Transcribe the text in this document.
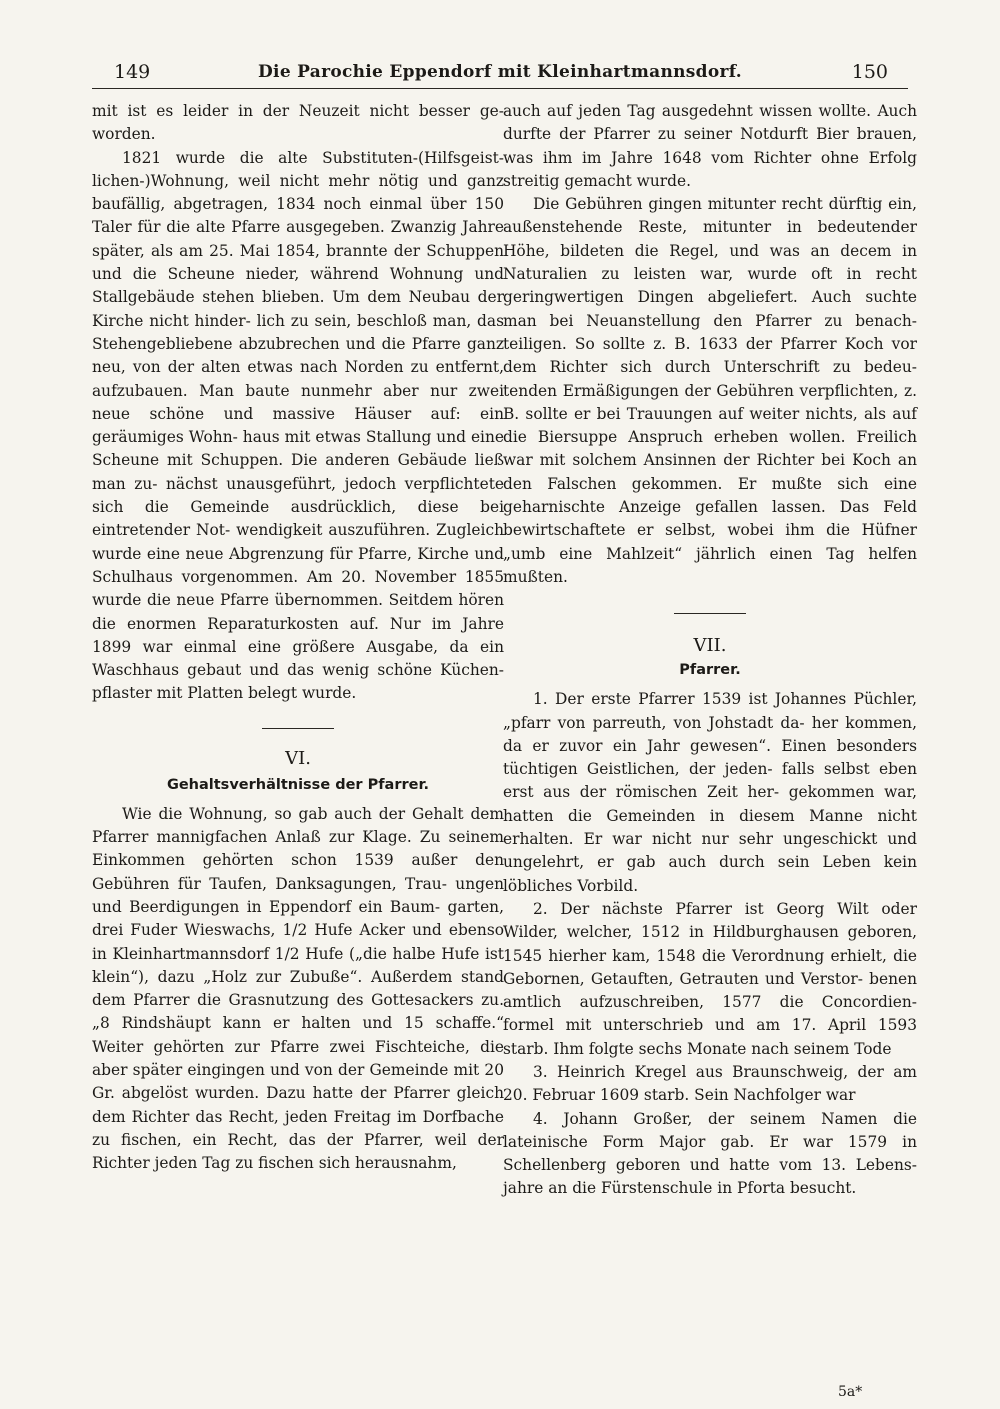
149	Die Parochie Eppendorf mit Kleinhartmannsdorf.	150

mit ist es leider in der Neuzeit nicht besser ge- worden.

1821 wurde die alte Substituten-(Hilfsgeist- lichen-)Wohnung, weil nicht mehr nötig und ganz baufällig, abgetragen, 1834 noch einmal über 150 Taler für die alte Pfarre ausgegeben. Zwanzig Jahre später, als am 25. Mai 1854, brannte der Schuppen und die Scheune nieder, während Wohnung und Stallgebäude stehen blieben. Um dem Neubau der Kirche nicht hinder- lich zu sein, beschloß man, das Stehengebliebene abzubrechen und die Pfarre ganz neu, von der alten etwas nach Norden zu entfernt, aufzubauen. Man baute nunmehr aber nur zwei neue schöne und massive Häuser auf: ein geräumiges Wohn- haus mit etwas Stallung und eine Scheune mit Schuppen. Die anderen Gebäude ließ man zu- nächst unausgeführt, jedoch verpflichtete sich die Gemeinde ausdrücklich, diese bei eintretender Not- wendigkeit auszuführen. Zugleich wurde eine neue Abgrenzung für Pfarre, Kirche und Schulhaus vorgenommen. Am 20. November 1855 wurde die neue Pfarre übernommen. Seitdem hören die enormen Reparaturkosten auf. Nur im Jahre 1899 war einmal eine größere Ausgabe, da ein Waschhaus gebaut und das wenig schöne Küchen- pflaster mit Platten belegt wurde.

VI.
Gehaltsverhältnisse der Pfarrer.

Wie die Wohnung, so gab auch der Gehalt dem Pfarrer mannigfachen Anlaß zur Klage. Zu seinem Einkommen gehörten schon 1539 außer den Gebühren für Taufen, Danksagungen, Trau- ungen und Beerdigungen in Eppendorf ein Baum- garten, drei Fuder Wieswachs, 1/2 Hufe Acker und ebenso in Kleinhartmannsdorf 1/2 Hufe („die halbe Hufe ist klein“), dazu „Holz zur Zubuße“. Außerdem stand dem Pfarrer die Grasnutzung des Gottesackers zu. „8 Rindshäupt kann er halten und 15 schaffe.“ Weiter gehörten zur Pfarre zwei Fischteiche, die aber später eingingen und von der Gemeinde mit 20 Gr. abgelöst wurden. Dazu hatte der Pfarrer gleich dem Richter das Recht, jeden Freitag im Dorfbache zu fischen, ein Recht, das der Pfarrer, weil der Richter jeden Tag zu fischen sich herausnahm,

auch auf jeden Tag ausgedehnt wissen wollte. Auch durfte der Pfarrer zu seiner Notdurft Bier brauen, was ihm im Jahre 1648 vom Richter ohne Erfolg streitig gemacht wurde.

Die Gebühren gingen mitunter recht dürftig ein, außenstehende Reste, mitunter in bedeutender Höhe, bildeten die Regel, und was an decem in Naturalien zu leisten war, wurde oft in recht geringwertigen Dingen abgeliefert. Auch suchte man bei Neuanstellung den Pfarrer zu benach- teiligen. So sollte z. B. 1633 der Pfarrer Koch vor dem Richter sich durch Unterschrift zu bedeu- tenden Ermäßigungen der Gebühren verpflichten, z. B. sollte er bei Trauungen auf weiter nichts, als auf die Biersuppe Anspruch erheben wollen. Freilich war mit solchem Ansinnen der Richter bei Koch an den Falschen gekommen. Er mußte sich eine geharnischte Anzeige gefallen lassen. Das Feld bewirtschaftete er selbst, wobei ihm die Hüfner „umb eine Mahlzeit“ jährlich einen Tag helfen mußten.

VII.
Pfarrer.

1. Der erste Pfarrer 1539 ist Johannes Püchler, „pfarr von parreuth, von Johstadt da- her kommen, da er zuvor ein Jahr gewesen“. Einen besonders tüchtigen Geistlichen, der jeden- falls selbst eben erst aus der römischen Zeit her- gekommen war, hatten die Gemeinden in diesem Manne nicht erhalten. Er war nicht nur sehr ungeschickt und ungelehrt, er gab auch durch sein Leben kein löbliches Vorbild.

2. Der nächste Pfarrer ist Georg Wilt oder Wilder, welcher, 1512 in Hildburghausen geboren, 1545 hierher kam, 1548 die Verordnung erhielt, die Gebornen, Getauften, Getrauten und Verstor- benen amtlich aufzuschreiben, 1577 die Concordien- formel mit unterschrieb und am 17. April 1593 starb. Ihm folgte sechs Monate nach seinem Tode

3. Heinrich Kregel aus Braunschweig, der am 20. Februar 1609 starb. Sein Nachfolger war

4. Johann Großer, der seinem Namen die lateinische Form Major gab. Er war 1579 in Schellenberg geboren und hatte vom 13. Lebens- jahre an die Fürstenschule in Pforta besucht.

5a*
